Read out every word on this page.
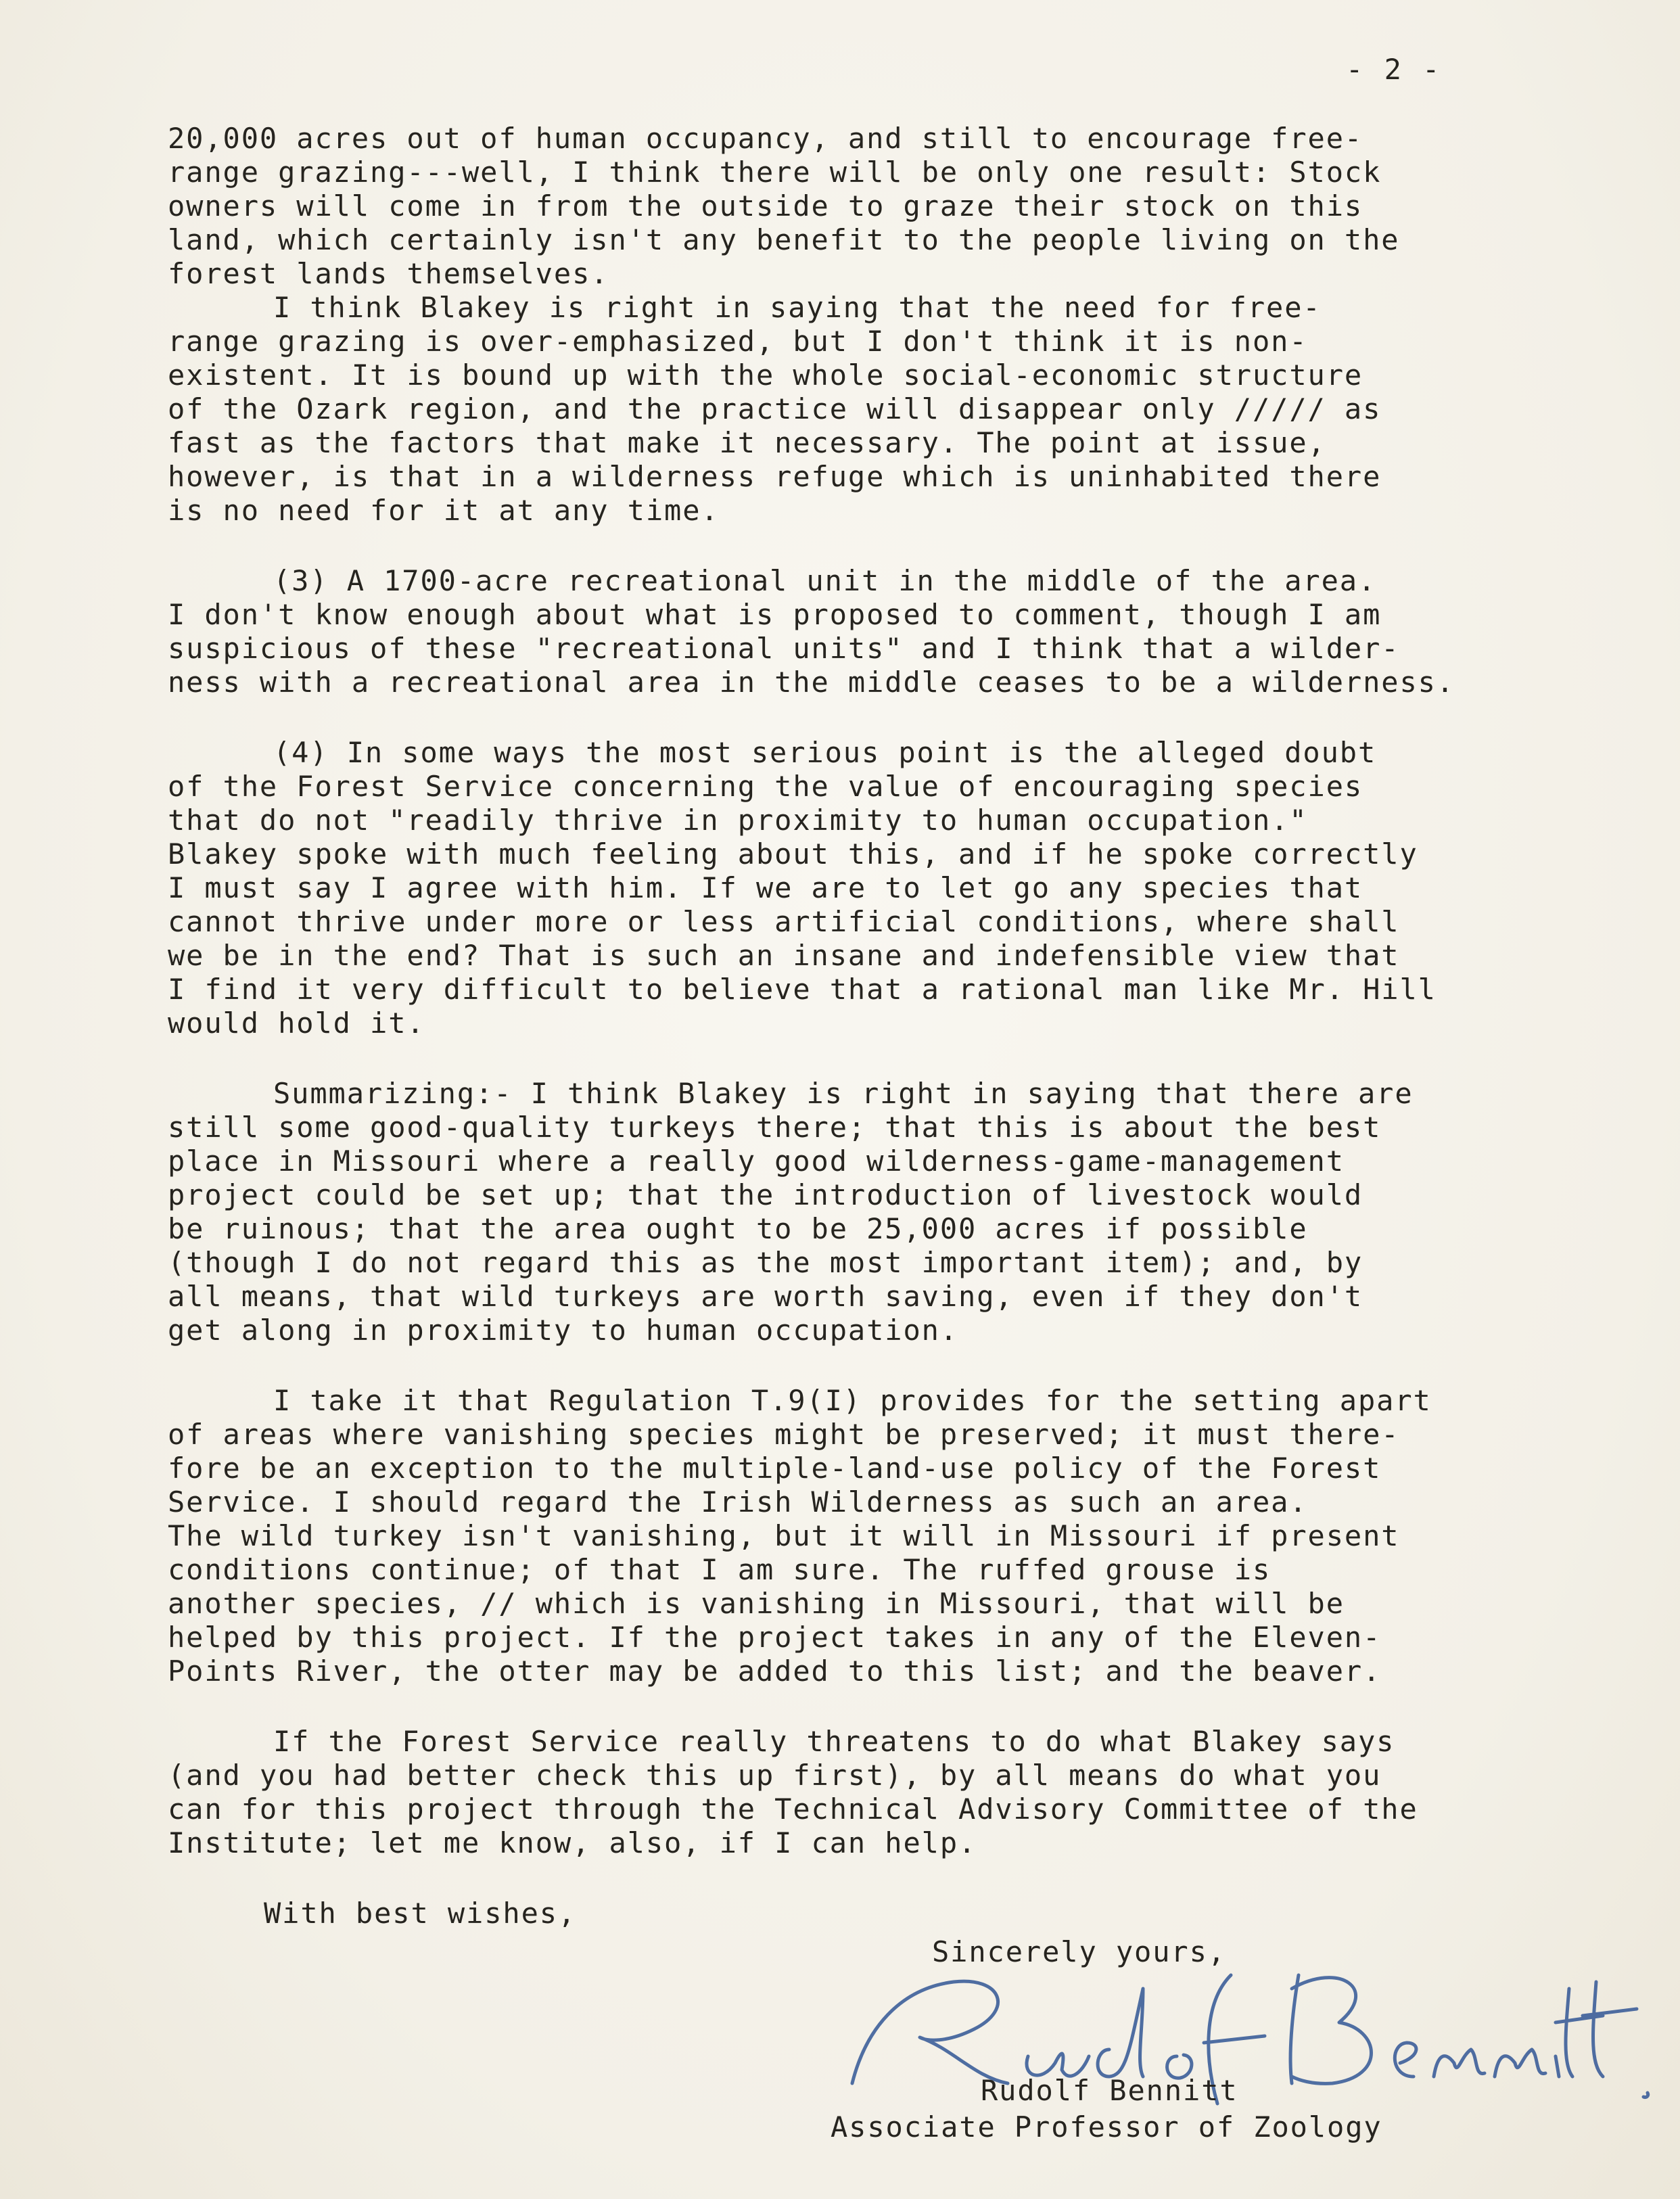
- 2 -

20,000 acres out of human occupancy, and still to encourage free-
range grazing---well, I think there will be only one result: Stock
owners will come in from the outside to graze their stock on this
land, which certainly isn't any benefit to the people living on the
forest lands themselves.

I think Blakey is right in saying that the need for free-
range grazing is over-emphasized, but I don't think it is non-
existent. It is bound up with the whole social-economic structure
of the Ozark region, and the practice will disappear only ///// as
fast as the factors that make it necessary. The point at issue,
however, is that in a wilderness refuge which is uninhabited there
is no need for it at any time.

(3) A 1700-acre recreational unit in the middle of the area.
I don't know enough about what is proposed to comment, though I am
suspicious of these "recreational units" and I think that a wilder-
ness with a recreational area in the middle ceases to be a wilderness.

(4) In some ways the most serious point is the alleged doubt
of the Forest Service concerning the value of encouraging species
that do not "readily thrive in proximity to human occupation."
Blakey spoke with much feeling about this, and if he spoke correctly
I must say I agree with him. If we are to let go any species that
cannot thrive under more or less artificial conditions, where shall
we be in the end? That is such an insane and indefensible view that
I find it very difficult to believe that a rational man like Mr. Hill
would hold it.

Summarizing:- I think Blakey is right in saying that there are
still some good-quality turkeys there; that this is about the best
place in Missouri where a really good wilderness-game-management
project could be set up; that the introduction of livestock would
be ruinous; that the area ought to be 25,000 acres if possible
(though I do not regard this as the most important item); and, by
all means, that wild turkeys are worth saving, even if they don't
get along in proximity to human occupation.

I take it that Regulation T.9(I) provides for the setting apart
of areas where vanishing species might be preserved; it must there-
fore be an exception to the multiple-land-use policy of the Forest
Service. I should regard the Irish Wilderness as such an area.
The wild turkey isn't vanishing, but it will in Missouri if present
conditions continue; of that I am sure. The ruffed grouse is
another species, // which is vanishing in Missouri, that will be
helped by this project. If the project takes in any of the Eleven-
Points River, the otter may be added to this list; and the beaver.

If the Forest Service really threatens to do what Blakey says
(and you had better check this up first), by all means do what you
can for this project through the Technical Advisory Committee of the
Institute; let me know, also, if I can help.

With best wishes,

Sincerely yours,

Rudolf Bennitt
Associate Professor of Zoology
